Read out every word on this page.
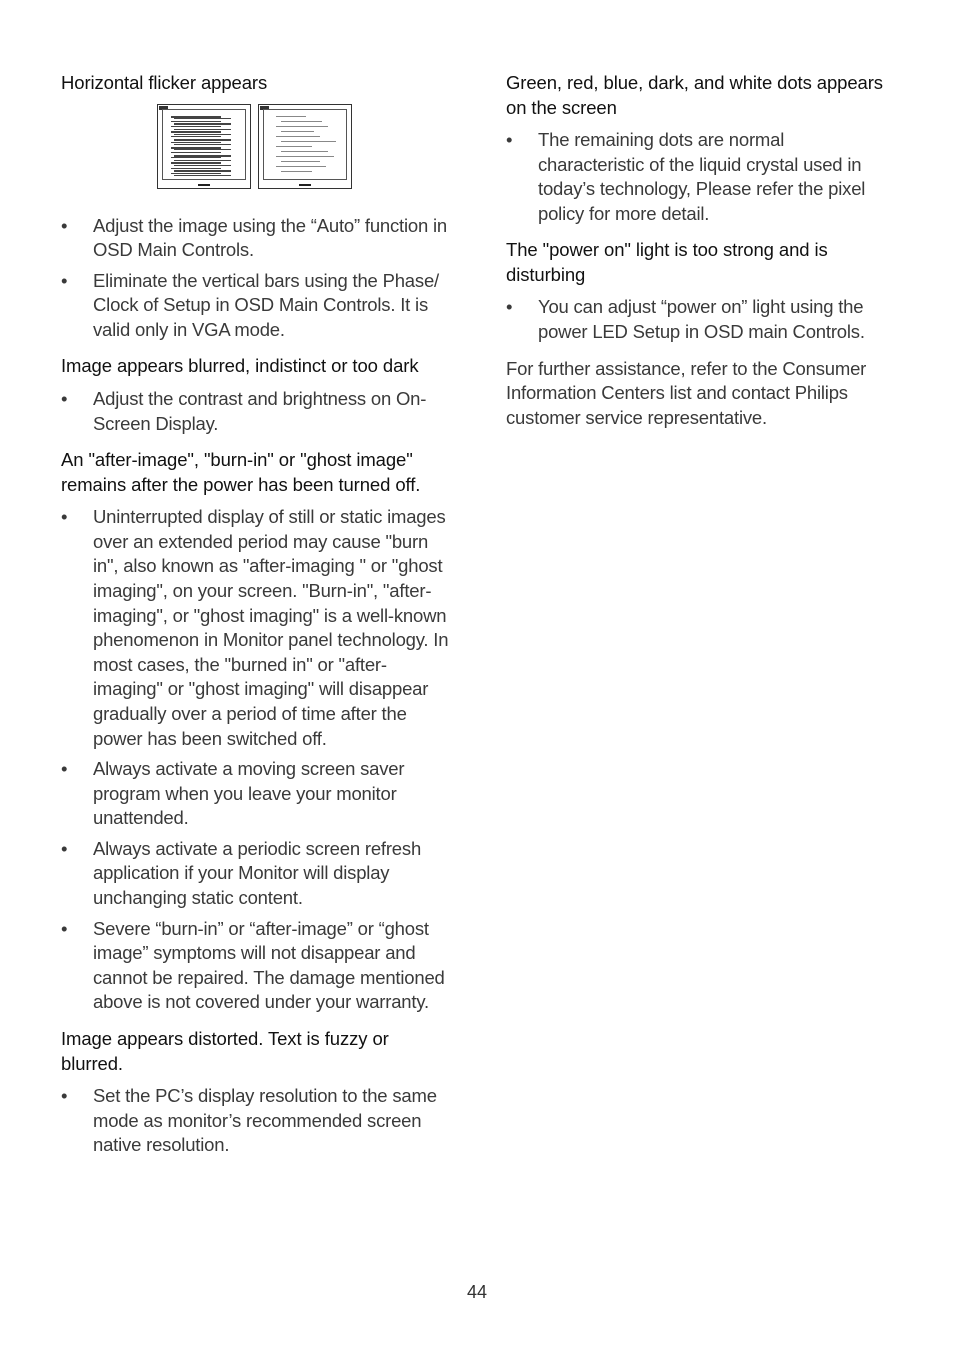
Horizontal flicker appears
• Adjust the image using the “Auto” function in OSD Main Controls.
• Eliminate the vertical bars using the Phase/ Clock of Setup in OSD Main Controls. It is valid only in VGA mode.
Image appears blurred, indistinct or too dark
• Adjust the contrast and brightness on On-Screen Display.
An "after-image", "burn-in" or "ghost image" remains after the power has been turned off.
• Uninterrupted display of still or static images over an extended period may cause "burn in", also known as "after-imaging " or "ghost imaging", on your screen. "Burn-in", "after-imaging", or "ghost imaging" is a well-known phenomenon in Monitor panel technology. In most cases, the "burned in" or "after-imaging" or "ghost imaging" will disappear gradually over a period of time after the power has been switched off.
• Always activate a moving screen saver program when you leave your monitor unattended.
• Always activate a periodic screen refresh application if your Monitor will display unchanging static content.
• Severe “burn-in” or “after-image” or “ghost image” symptoms will not disappear and cannot be repaired. The damage mentioned above is not covered under your warranty.
Image appears distorted. Text is fuzzy or blurred.
• Set the PC’s display resolution to the same mode as monitor’s recommended screen native resolution.
Green, red, blue, dark, and white dots appears on the screen
• The remaining dots are normal characteristic of the liquid crystal used in today’s technology, Please refer the pixel policy for more detail.
The "power on" light is too strong and is disturbing
• You can adjust “power on” light using the power LED Setup in OSD main Controls.

For further assistance, refer to the Consumer Information Centers list and contact Philips customer service representative.

44
